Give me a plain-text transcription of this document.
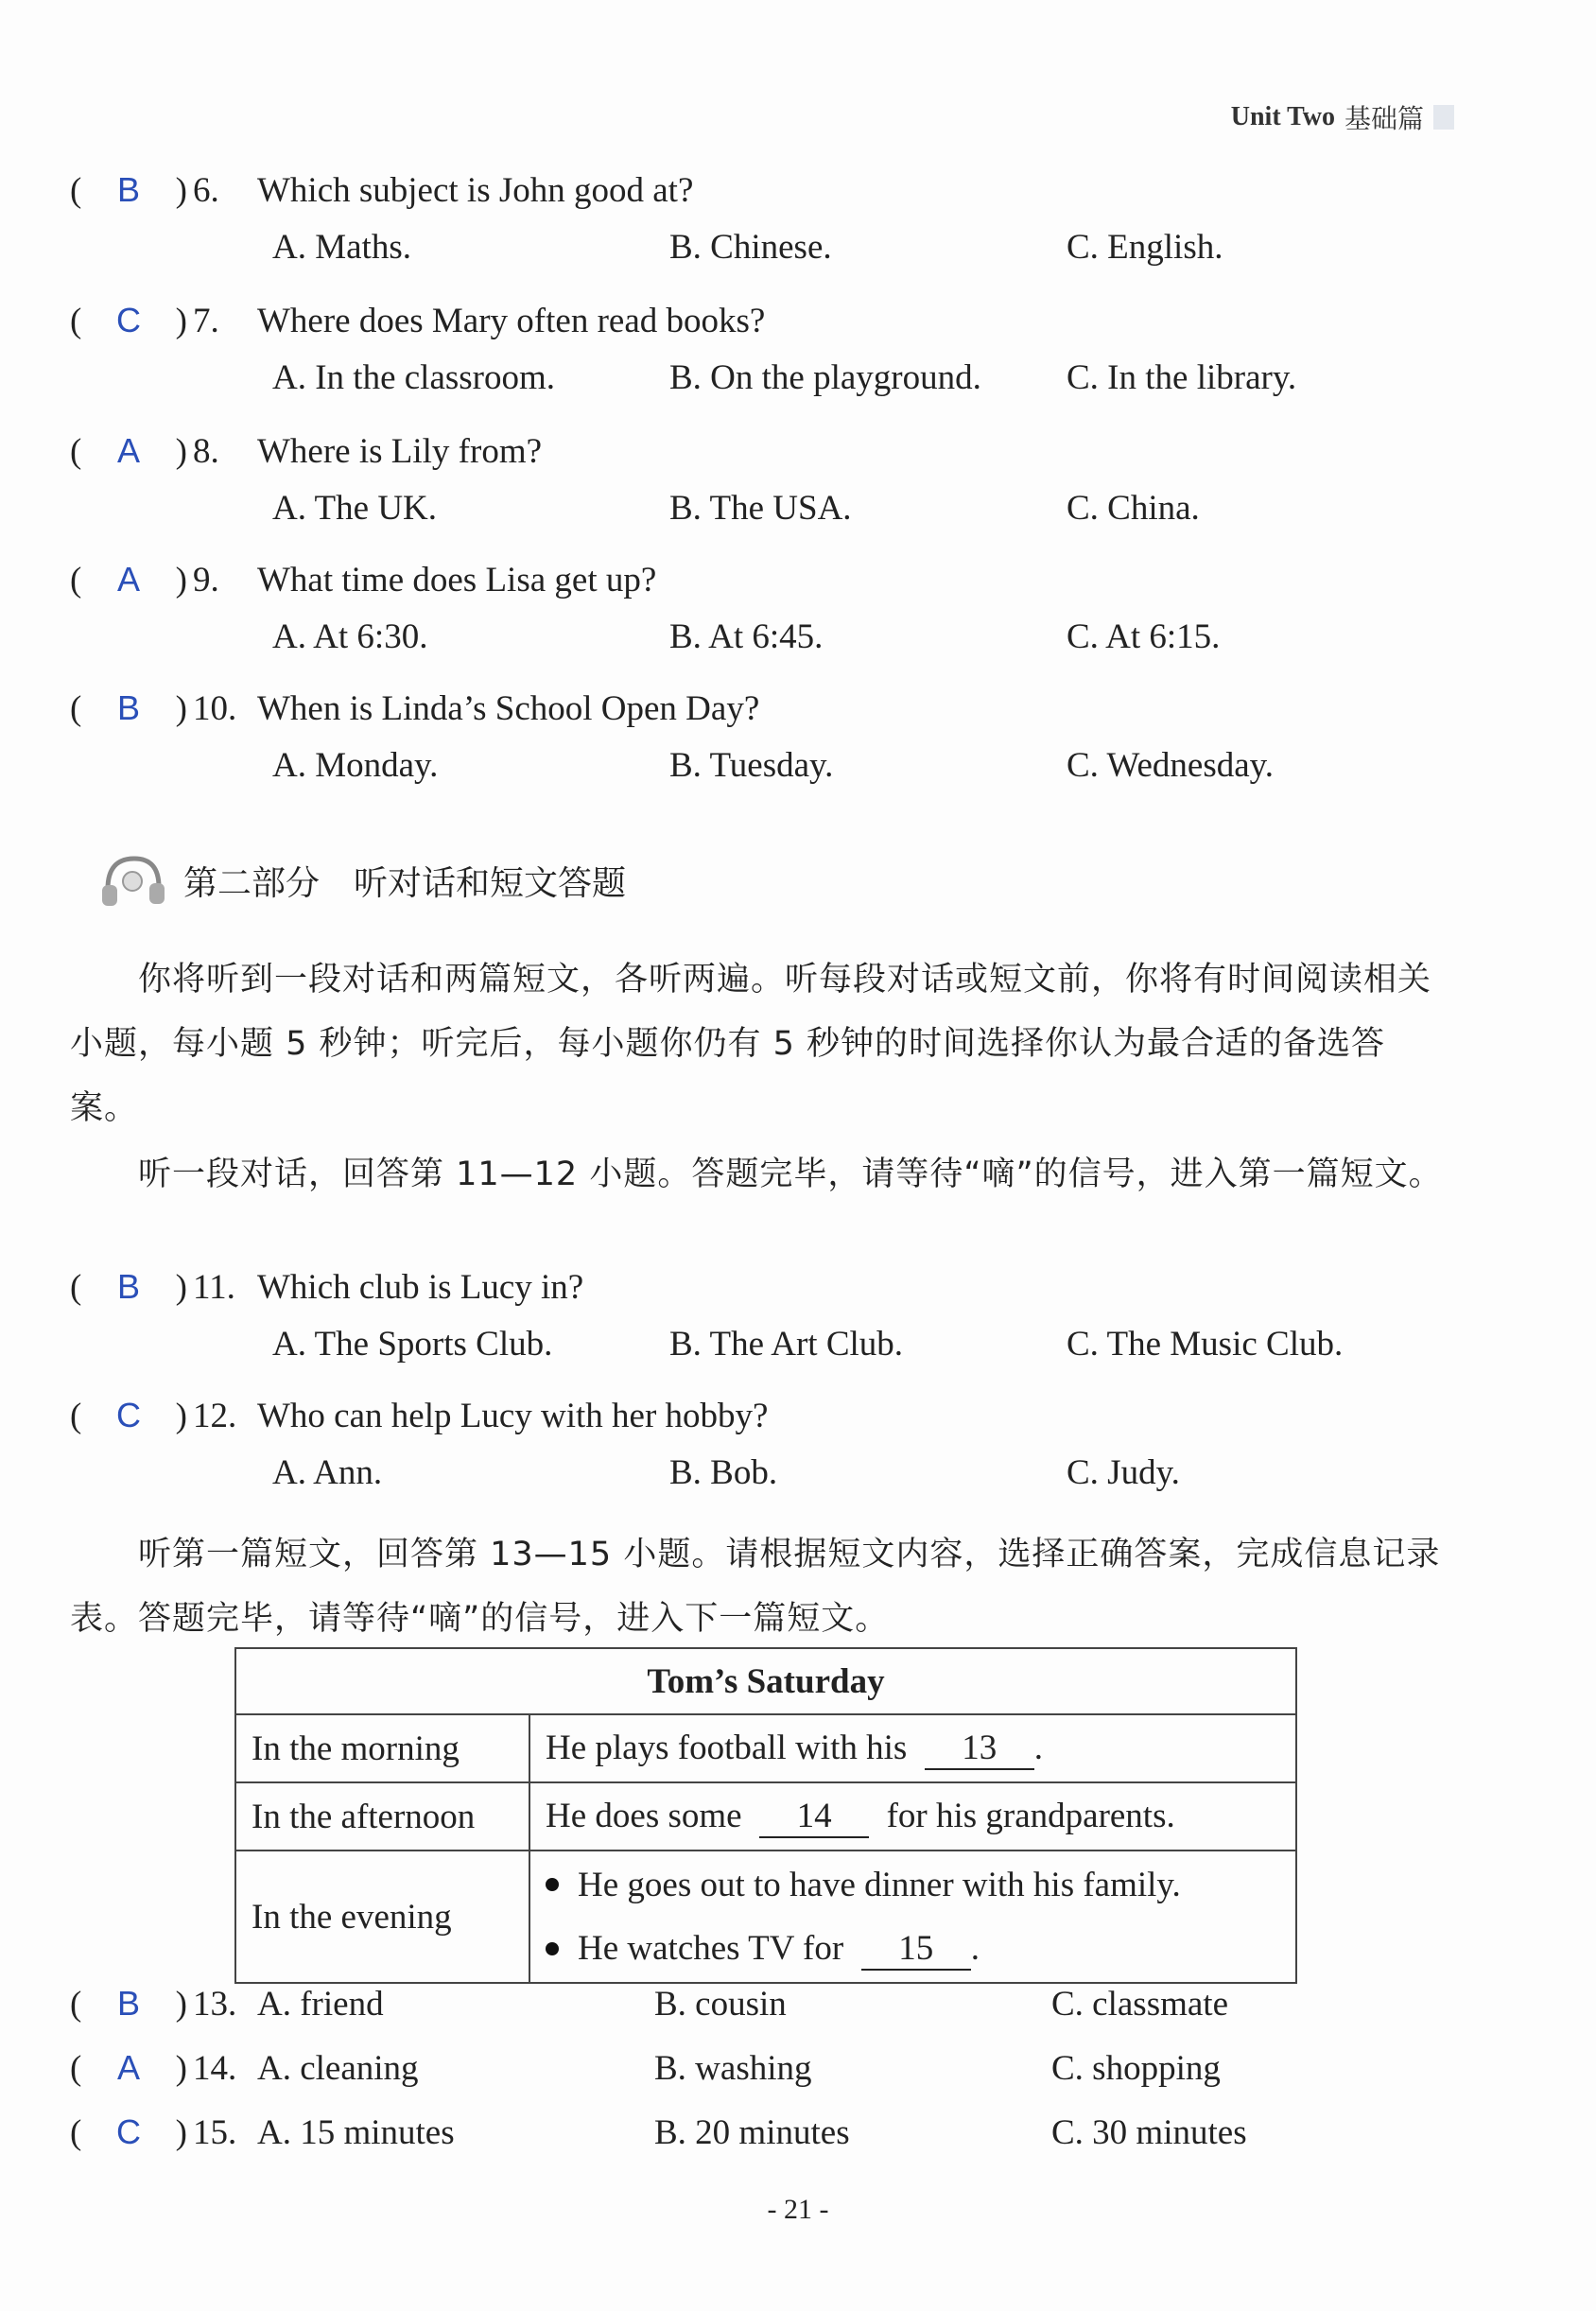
Unit Two 基础篇
( B ) 6.	Which subject is John good at?
A. Maths.	B. Chinese.	C. English.
( C ) 7.	Where does Mary often read books?
A. In the classroom.	B. On the playground.	C. In the library.
( A ) 8.	Where is Lily from?
A. The UK.	B. The USA.	C. China.
( A ) 9.	What time does Lisa get up?
A. At 6:30.	B. At 6:45.	C. At 6:15.
( B ) 10. When is Linda’s School Open Day?
A. Monday.	B. Tuesday.	C. Wednesday.
第二部分　听对话和短文答题
你将听到一段对话和两篇短文，各听两遍。听每段对话或短文前，你将有时间阅读相关小题，每小题 5 秒钟；听完后，每小题你仍有 5 秒钟的时间选择你认为最合适的备选答案。
听一段对话，回答第 11—12 小题。答题完毕，请等待“嘀”的信号，进入第一篇短文。
( B ) 11. Which club is Lucy in?
A. The Sports Club.	B. The Art Club.	C. The Music Club.
( C ) 12. Who can help Lucy with her hobby?
A. Ann.	B. Bob.	C. Judy.
听第一篇短文，回答第 13—15 小题。请根据短文内容，选择正确答案，完成信息记录表。答题完毕，请等待“嘀”的信号，进入下一篇短文。
Tom’s Saturday	
In the morning	He plays football with his 13 .
In the afternoon	He does some 14 for his grandparents.
In the evening	He goes out to have dinner with his family.
He watches TV for 15 .
( B ) 13. A. friend	B. cousin	C. classmate
( A ) 14. A. cleaning	B. washing	C. shopping
( C ) 15. A. 15 minutes	B. 20 minutes	C. 30 minutes
- 21 -
